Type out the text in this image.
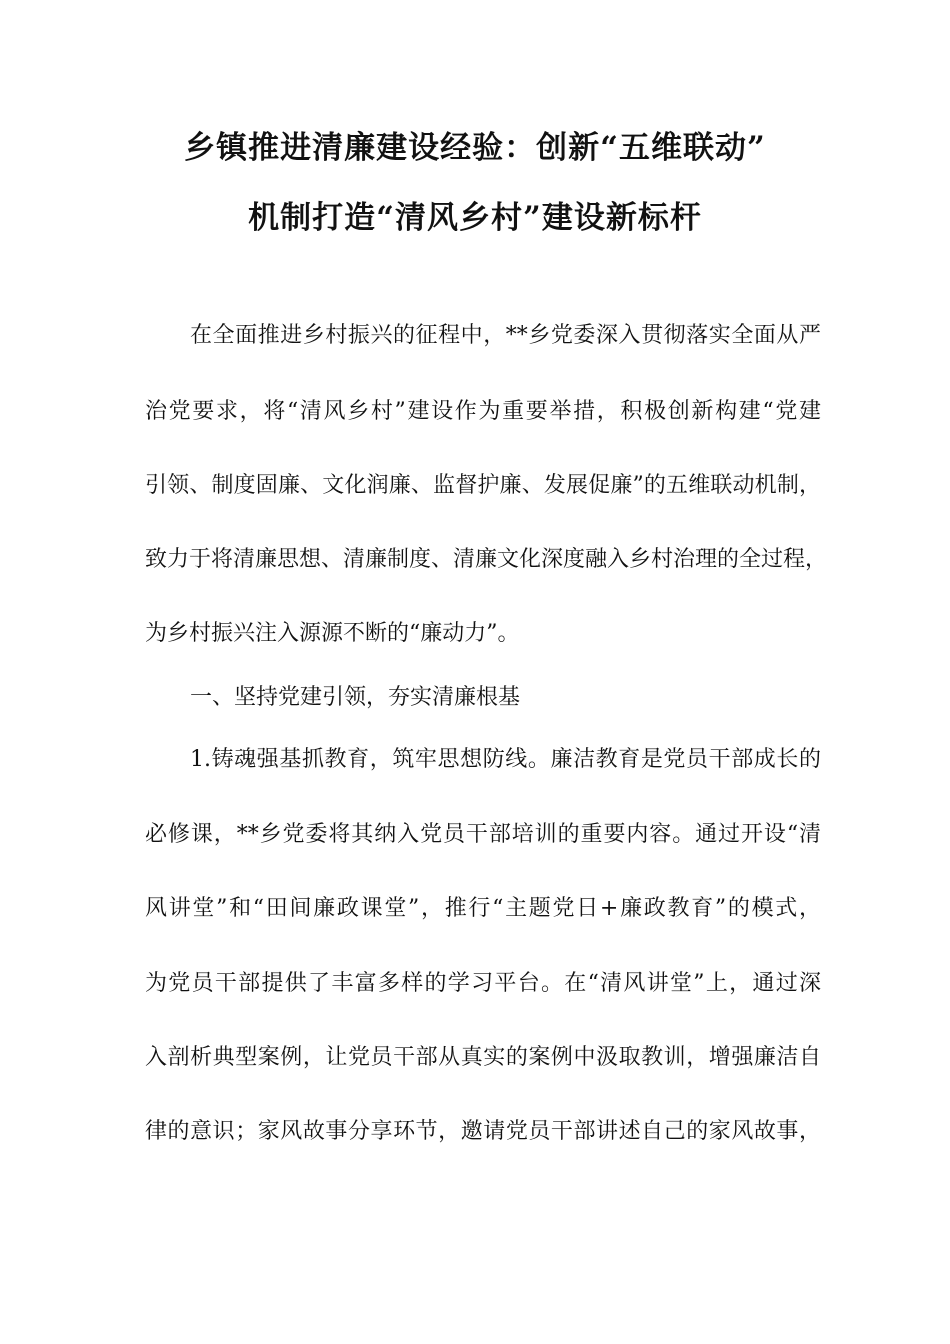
乡镇推进清廉建设经验：创新“五维联动”
机制打造“清风乡村”建设新标杆
在全面推进乡村振兴的征程中，**乡党委深入贯彻落实全面从严
治党要求，将“清风乡村”建设作为重要举措，积极创新构建“党建
引领、制度固廉、文化润廉、监督护廉、发展促廉”的五维联动机制，
致力于将清廉思想、清廉制度、清廉文化深度融入乡村治理的全过程，
为乡村振兴注入源源不断的“廉动力”。
一、坚持党建引领，夯实清廉根基
1.铸魂强基抓教育，筑牢思想防线。廉洁教育是党员干部成长的
必修课，**乡党委将其纳入党员干部培训的重要内容。通过开设“清
风讲堂”和“田间廉政课堂”，推行“主题党日+廉政教育”的模式，
为党员干部提供了丰富多样的学习平台。在“清风讲堂”上，通过深
入剖析典型案例，让党员干部从真实的案例中汲取教训，增强廉洁自
律的意识；家风故事分享环节，邀请党员干部讲述自己的家风故事，
